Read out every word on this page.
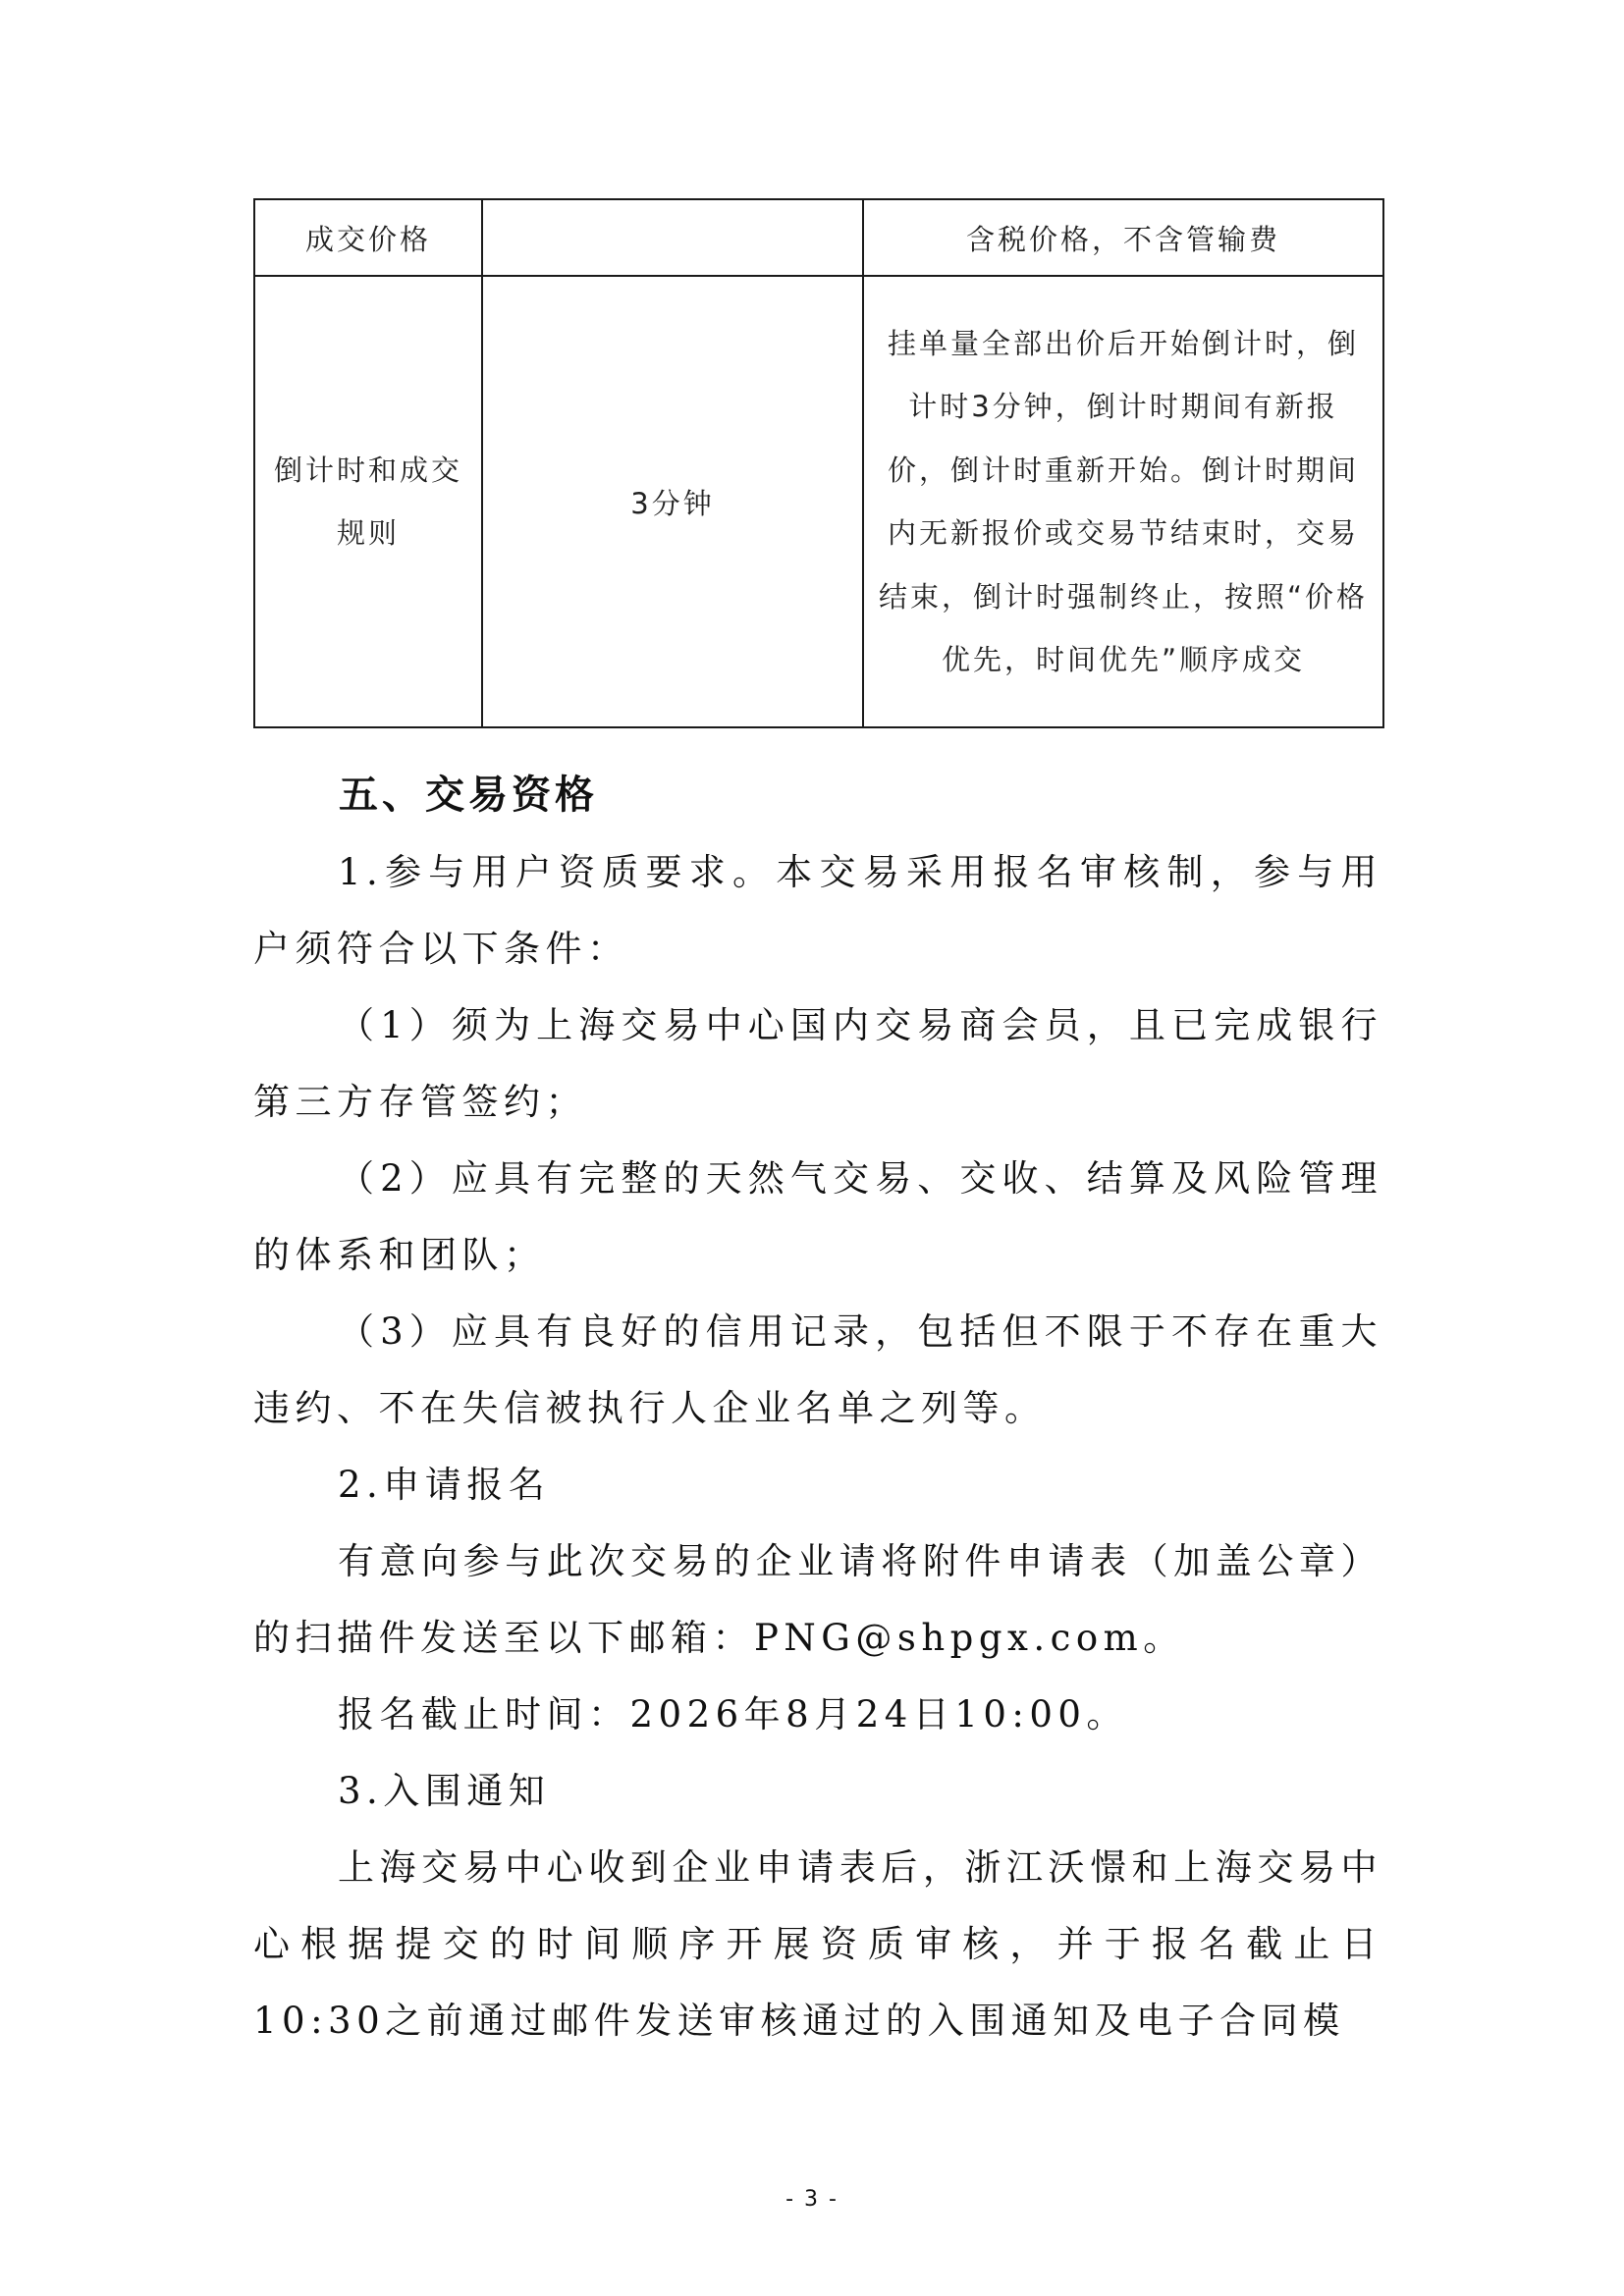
成交价格		含税价格，不含管输费
倒计时和成交规则	3分钟	挂单量全部出价后开始倒计时，倒计时3分钟，倒计时期间有新报价，倒计时重新开始。倒计时期间内无新报价或交易节结束时，交易结束，倒计时强制终止，按照“价格优先，时间优先”顺序成交
五、交易资格

1.参与用户资质要求。本交易采用报名审核制，参与用户须符合以下条件：

（1）须为上海交易中心国内交易商会员，且已完成银行第三方存管签约；

（2）应具有完整的天然气交易、交收、结算及风险管理的体系和团队；

（3）应具有良好的信用记录，包括但不限于不存在重大违约、不在失信被执行人企业名单之列等。

2.申请报名

有意向参与此次交易的企业请将附件申请表（加盖公章）的扫描件发送至以下邮箱：PNG@shpgx.com。

报名截止时间：2026年8月24日10:00。

3.入围通知

上海交易中心收到企业申请表后，浙江沃憬和上海交易中心根据提交的时间顺序开展资质审核，并于报名截止日10:30之前通过邮件发送审核通过的入围通知及电子合同模

- 3 -
